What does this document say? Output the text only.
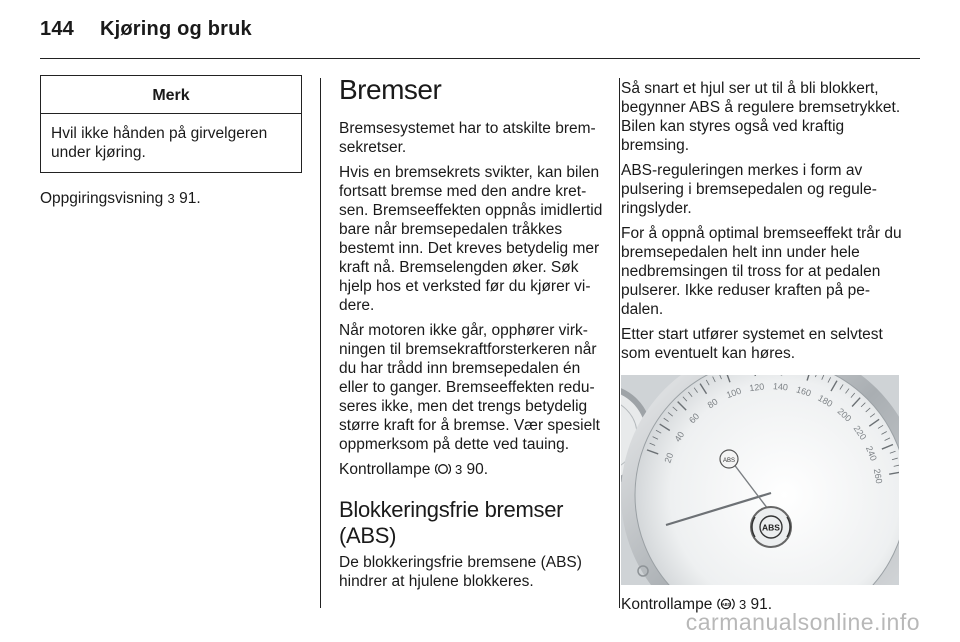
144 Kjøring og bruk
Merk
Hvil ikke hånden på girvelgeren under kjøring.

Oppgiringsvisning 3 91.

Bremser

Bremsesystemet har to atskilte bremsekretser.

Hvis en bremsekrets svikter, kan bilen fortsatt bremse med den andre kretsen. Bremseeffekten oppnås imidlertid bare når bremsepedalen tråkkes bestemt inn. Det kreves betydelig mer kraft nå. Bremselengden øker. Søk hjelp hos et verksted før du kjører videre.

Når motoren ikke går, opphører virkningen til bremsekraftforsterkeren når du har trådd inn bremsepedalen én eller to ganger. Bremseeffekten reduseres ikke, men det trengs betydelig større kraft for å bremse. Vær spesielt oppmerksom på dette ved tauing.

Kontrollampe 3 90.

Blokkeringsfrie bremser (ABS)

De blokkeringsfrie bremsene (ABS) hindrer at hjulene blokkeres.

Så snart et hjul ser ut til å bli blokkert, begynner ABS å regulere bremsetrykket. Bilen kan styres også ved kraftig bremsing.

ABS-reguleringen merkes i form av pulsering i bremsepedalen og reguleringslyder.

For å oppnå optimal bremseeffekt trår du bremsepedalen helt inn under hele nedbremsingen til tross for at pedalen pulserer. Ikke reduser kraften på pedalen.

Etter start utfører systemet en selvtest som eventuelt kan høres.

20
40
60
80
100 120 140 160
180
200
220
240
260
ABS
ABS

Kontrollampe ABS 3 91.

carmanualsonline.info
